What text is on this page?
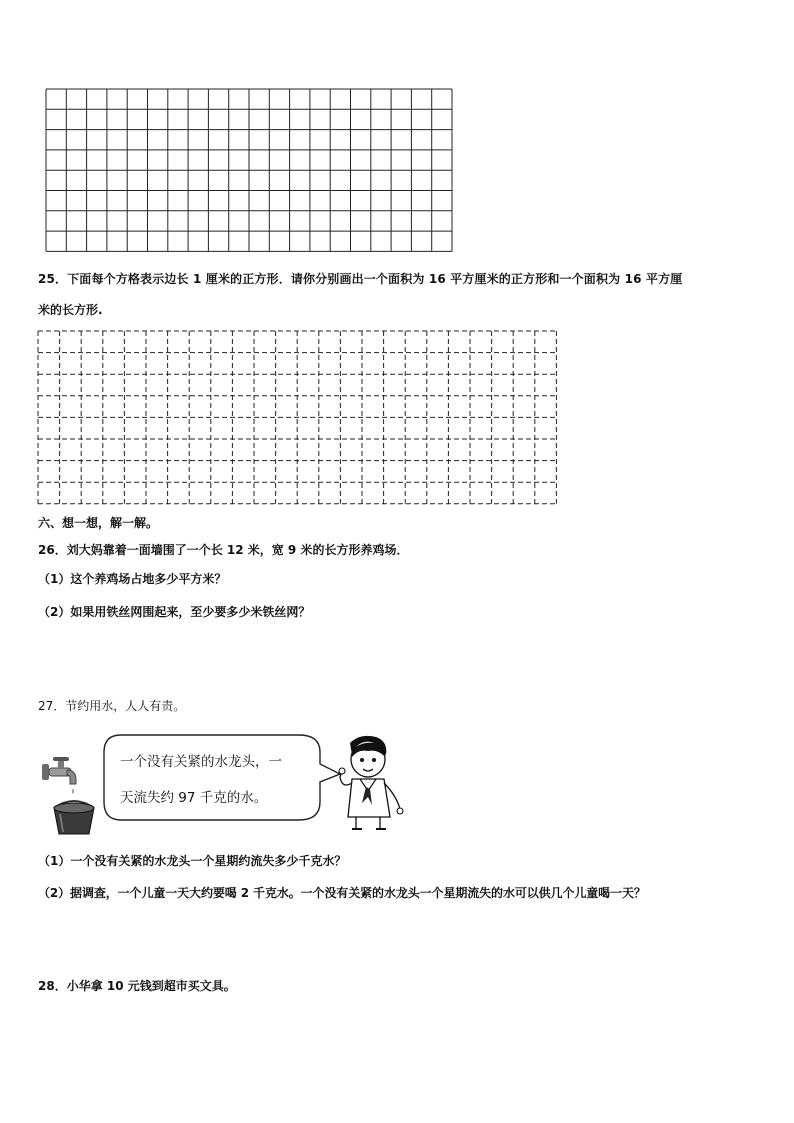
25．下面每个方格表示边长 1 厘米的正方形．请你分别画出一个面积为 16 平方厘米的正方形和一个面积为 16 平方厘
米的长方形.
六、想一想，解一解。
26．刘大妈靠着一面墙围了一个长 12 米，宽 9 米的长方形养鸡场．
（1）这个养鸡场占地多少平方米？
（2）如果用铁丝网围起来，至少要多少米铁丝网？
27．节约用水，人人有责。
一个没有关紧的水龙头，一
天流失约 97 千克的水。
（1）一个没有关紧的水龙头一个星期约流失多少千克水？
（2）据调查，一个儿童一天大约要喝 2 千克水。一个没有关紧的水龙头一个星期流失的水可以供几个儿童喝一天？
28．小华拿 10 元钱到超市买文具。
